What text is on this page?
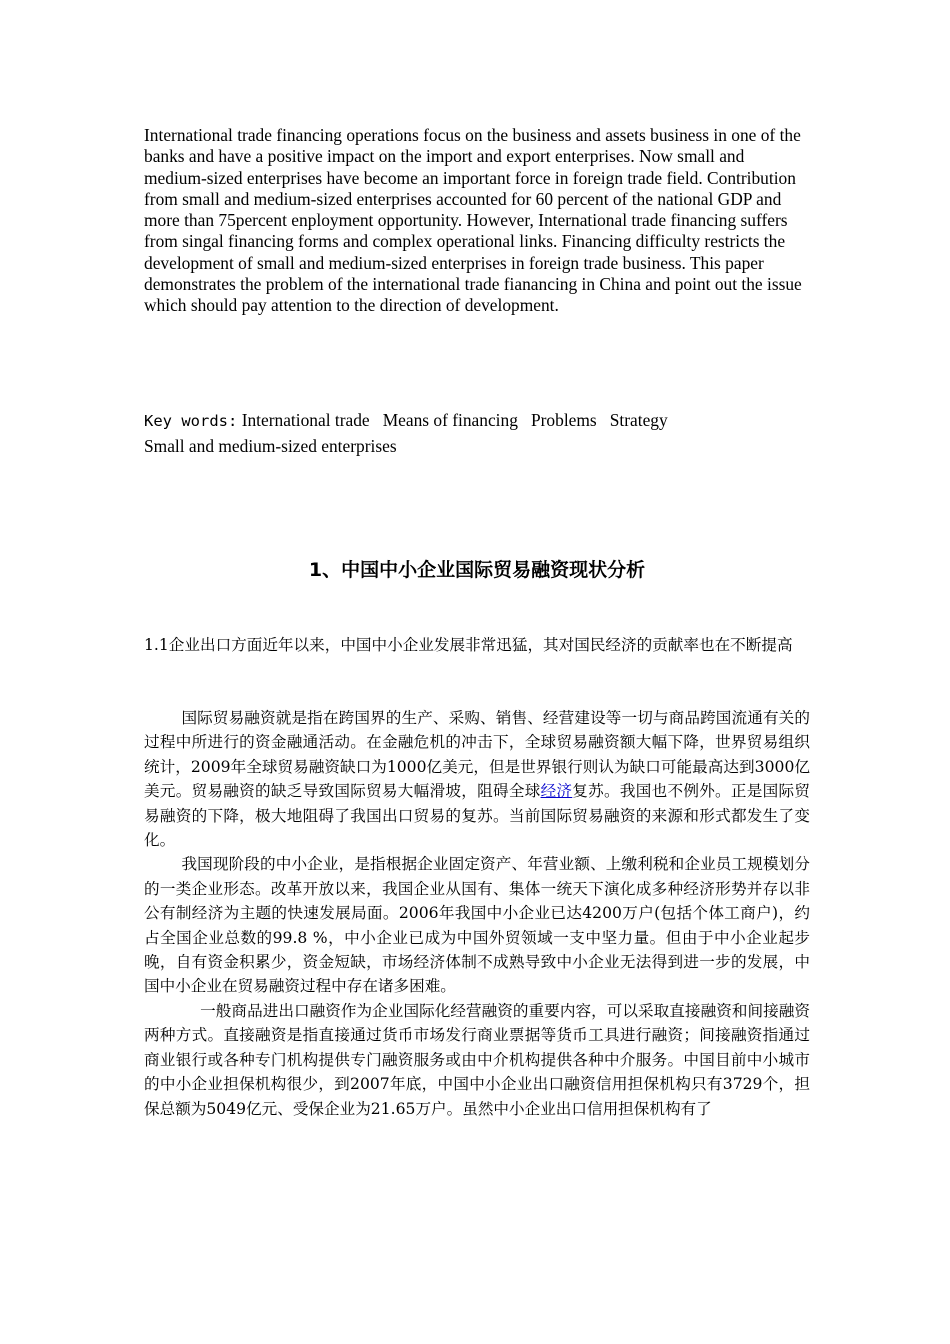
International trade financing operations focus on the business and assets business in one of the banks and have a positive impact on the import and export enterprises. Now small and medium-sized enterprises have become an important force in foreign trade field. Contribution from small and medium-sized enterprises accounted for 60 percent of the national GDP and more than 75percent enployment opportunity. However, International trade financing suffers from singal financing forms and complex operational links. Financing difficulty restricts the development of small and medium-sized enterprises in foreign trade business. This paper demonstrates the problem of the international trade fianancing in China and point out the issue which should pay attention to the direction of development.
Key words: International trade Means of financing Problems Strategy
Small and medium-sized enterprises
1、中国中小企业国际贸易融资现状分析
1.1企业出口方面近年以来，中国中小企业发展非常迅猛，其对国民经济的贡献率也在不断提高

国际贸易融资就是指在跨国界的生产、采购、销售、经营建设等一切与商品跨国流通有关的过程中所进行的资金融通活动。在金融危机的冲击下，全球贸易融资额大幅下降，世界贸易组织统计，2009年全球贸易融资缺口为1000亿美元，但是世界银行则认为缺口可能最高达到3000亿美元。贸易融资的缺乏导致国际贸易大幅滑坡，阻碍全球经济复苏。我国也不例外。正是国际贸易融资的下降，极大地阻碍了我国出口贸易的复苏。当前国际贸易融资的来源和形式都发生了变化。

我国现阶段的中小企业，是指根据企业固定资产、年营业额、上缴利税和企业员工规模划分的一类企业形态。改革开放以来，我国企业从国有、集体一统天下演化成多种经济形势并存以非公有制经济为主题的快速发展局面。2006年我国中小企业已达4200万户(包括个体工商户)，约占全国企业总数的99.8 %，中小企业已成为中国外贸领域一支中坚力量。但由于中小企业起步晚，自有资金积累少，资金短缺，市场经济体制不成熟导致中小企业无法得到进一步的发展，中国中小企业在贸易融资过程中存在诸多困难。

一般商品进出口融资作为企业国际化经营融资的重要内容，可以采取直接融资和间接融资两种方式。直接融资是指直接通过货币市场发行商业票据等货币工具进行融资；间接融资指通过商业银行或各种专门机构提供专门融资服务或由中介机构提供各种中介服务。中国目前中小城市的中小企业担保机构很少，到2007年底，中国中小企业出口融资信用担保机构只有3729个，担保总额为5049亿元、受保企业为21.65万户。虽然中小企业出口信用担保机构有了
